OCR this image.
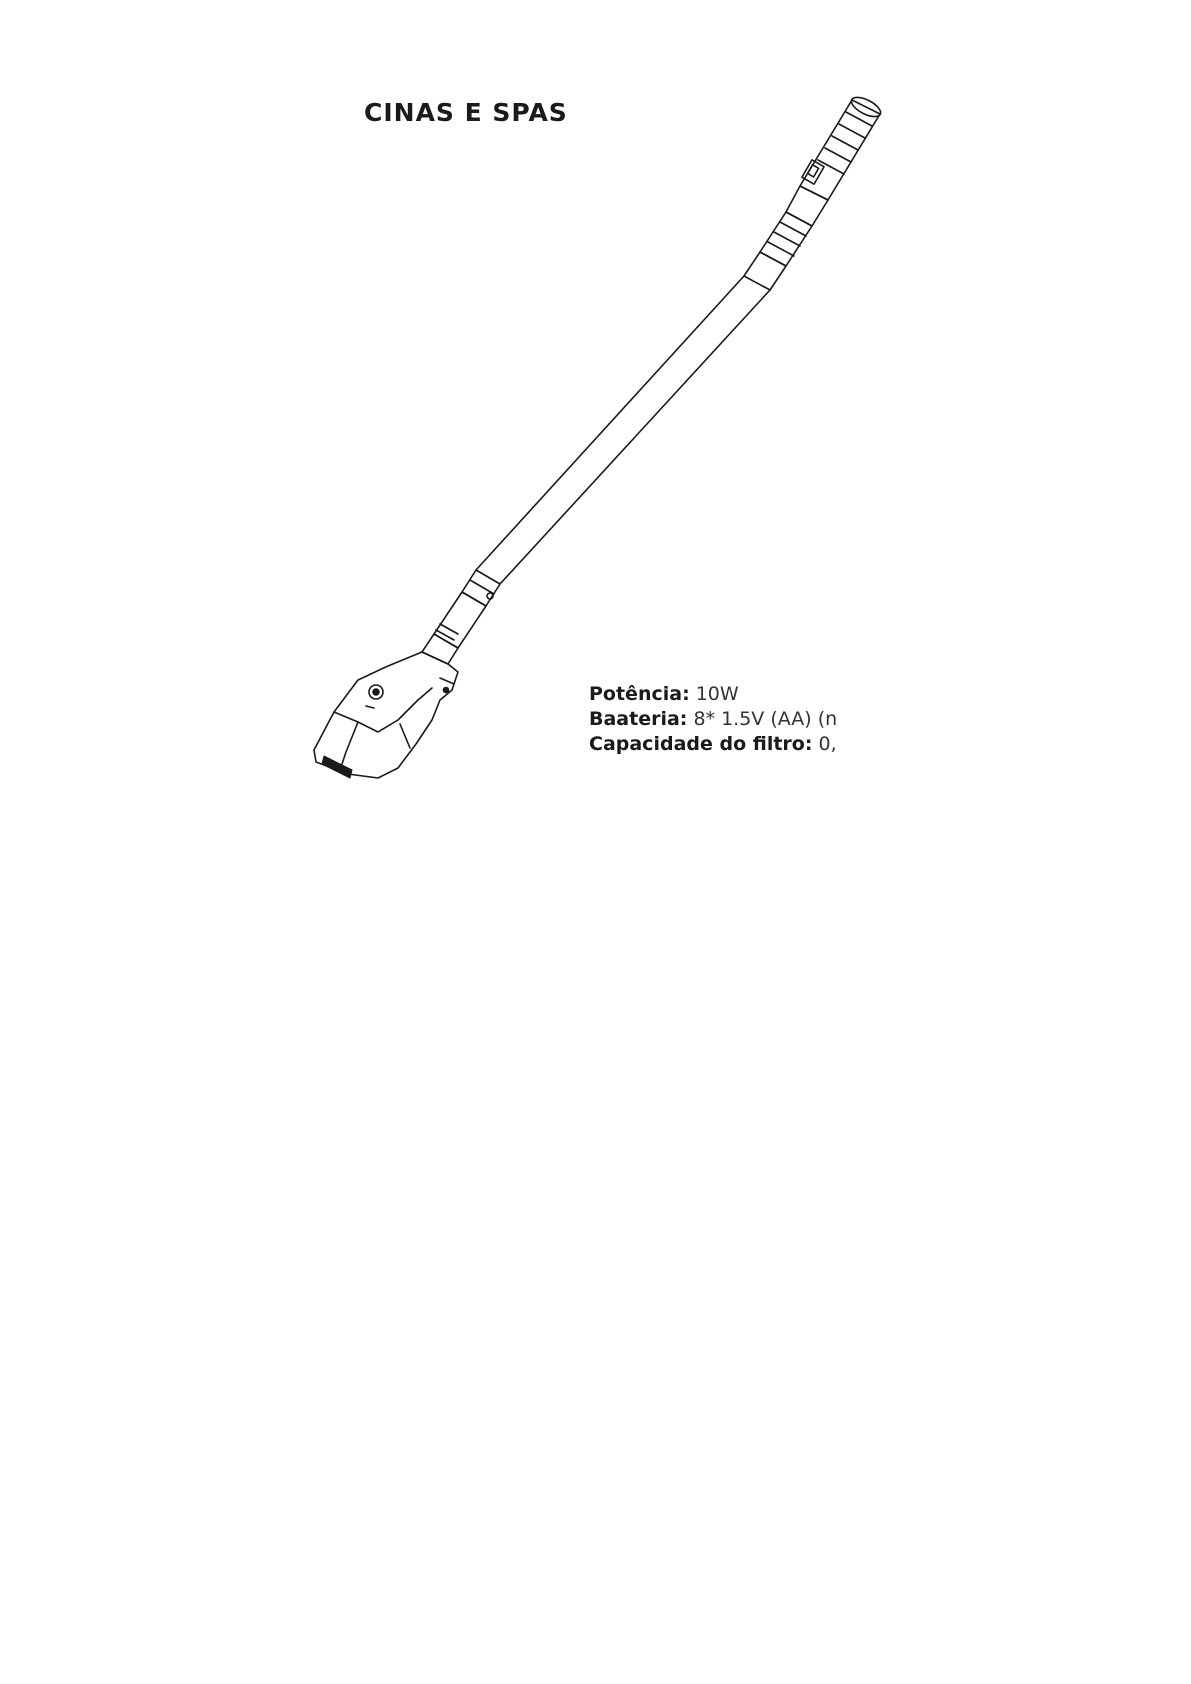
CINAS E SPAS
Potência: 10W
Baateria: 8* 1.5V (AA) (n
Capacidade do filtro: 0,
